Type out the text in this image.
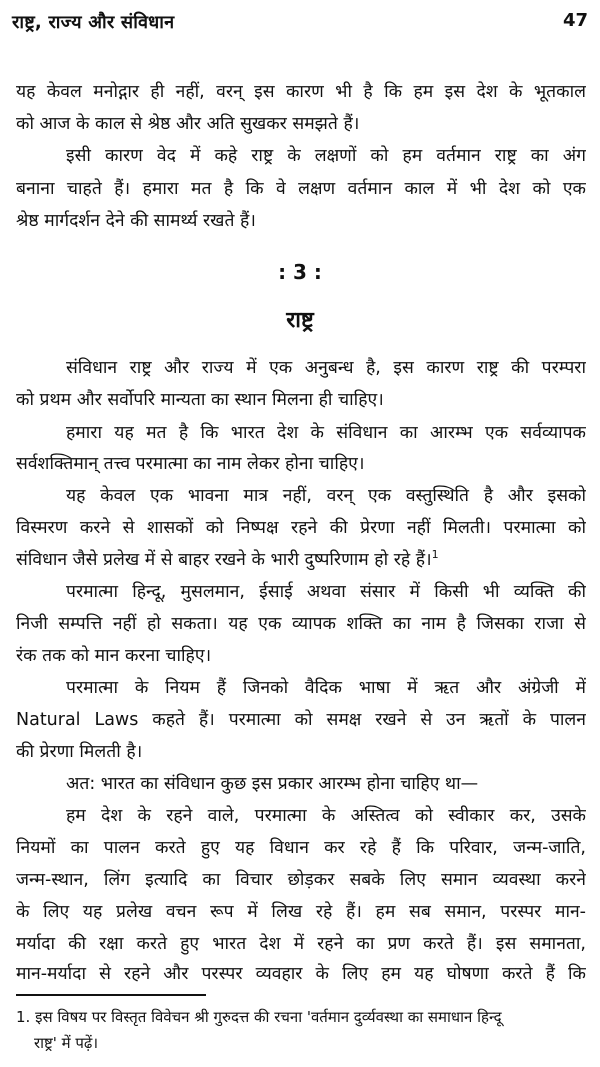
राष्ट्र, राज्य और संविधान	47
यह केवल मनोद्गार ही नहीं, वरन् इस कारण भी है कि हम इस देश के भूतकाल
को आज के काल से श्रेष्ठ और अति सुखकर समझते हैं।
इसी कारण वेद में कहे राष्ट्र के लक्षणों को हम वर्तमान राष्ट्र का अंग
बनाना चाहते हैं। हमारा मत है कि वे लक्षण वर्तमान काल में भी देश को एक
श्रेष्ठ मार्गदर्शन देने की सामर्थ्य रखते हैं।
: 3 :
राष्ट्र
संविधान राष्ट्र और राज्य में एक अनुबन्ध है, इस कारण राष्ट्र की परम्परा
को प्रथम और सर्वोपरि मान्यता का स्थान मिलना ही चाहिए।
हमारा यह मत है कि भारत देश के संविधान का आरम्भ एक सर्वव्यापक
सर्वशक्तिमान् तत्त्व परमात्मा का नाम लेकर होना चाहिए।
यह केवल एक भावना मात्र नहीं, वरन् एक वस्तुस्थिति है और इसको
विस्मरण करने से शासकों को निष्पक्ष रहने की प्रेरणा नहीं मिलती। परमात्मा को
संविधान जैसे प्रलेख में से बाहर रखने के भारी दुष्परिणाम हो रहे हैं।$^1$
परमात्मा हिन्दू, मुसलमान, ईसाई अथवा संसार में किसी भी व्यक्ति की
निजी सम्पत्ति नहीं हो सकता। यह एक व्यापक शक्ति का नाम है जिसका राजा से
रंक तक को मान करना चाहिए।
परमात्मा के नियम हैं जिनको वैदिक भाषा में ऋत और अंग्रेजी में
Natural Laws कहते हैं। परमात्मा को समक्ष रखने से उन ऋतों के पालन
की प्रेरणा मिलती है।
अत: भारत का संविधान कुछ इस प्रकार आरम्भ होना चाहिए था—
हम देश के रहने वाले, परमात्मा के अस्तित्व को स्वीकार कर, उसके
नियमों का पालन करते हुए यह विधान कर रहे हैं कि परिवार, जन्म-जाति,
जन्म-स्थान, लिंग इत्यादि का विचार छोड़कर सबके लिए समान व्यवस्था करने
के लिए यह प्रलेख वचन रूप में लिख रहे हैं। हम सब समान, परस्पर मान-
मर्यादा की रक्षा करते हुए भारत देश में रहने का प्रण करते हैं। इस समानता,
मान-मर्यादा से रहने और परस्पर व्यवहार के लिए हम यह घोषणा करते हैं कि
1. इस विषय पर विस्तृत विवेचन श्री गुरुदत्त की रचना 'वर्तमान दुर्व्यवस्था का समाधान हिन्दू
राष्ट्र' में पढ़ें।
